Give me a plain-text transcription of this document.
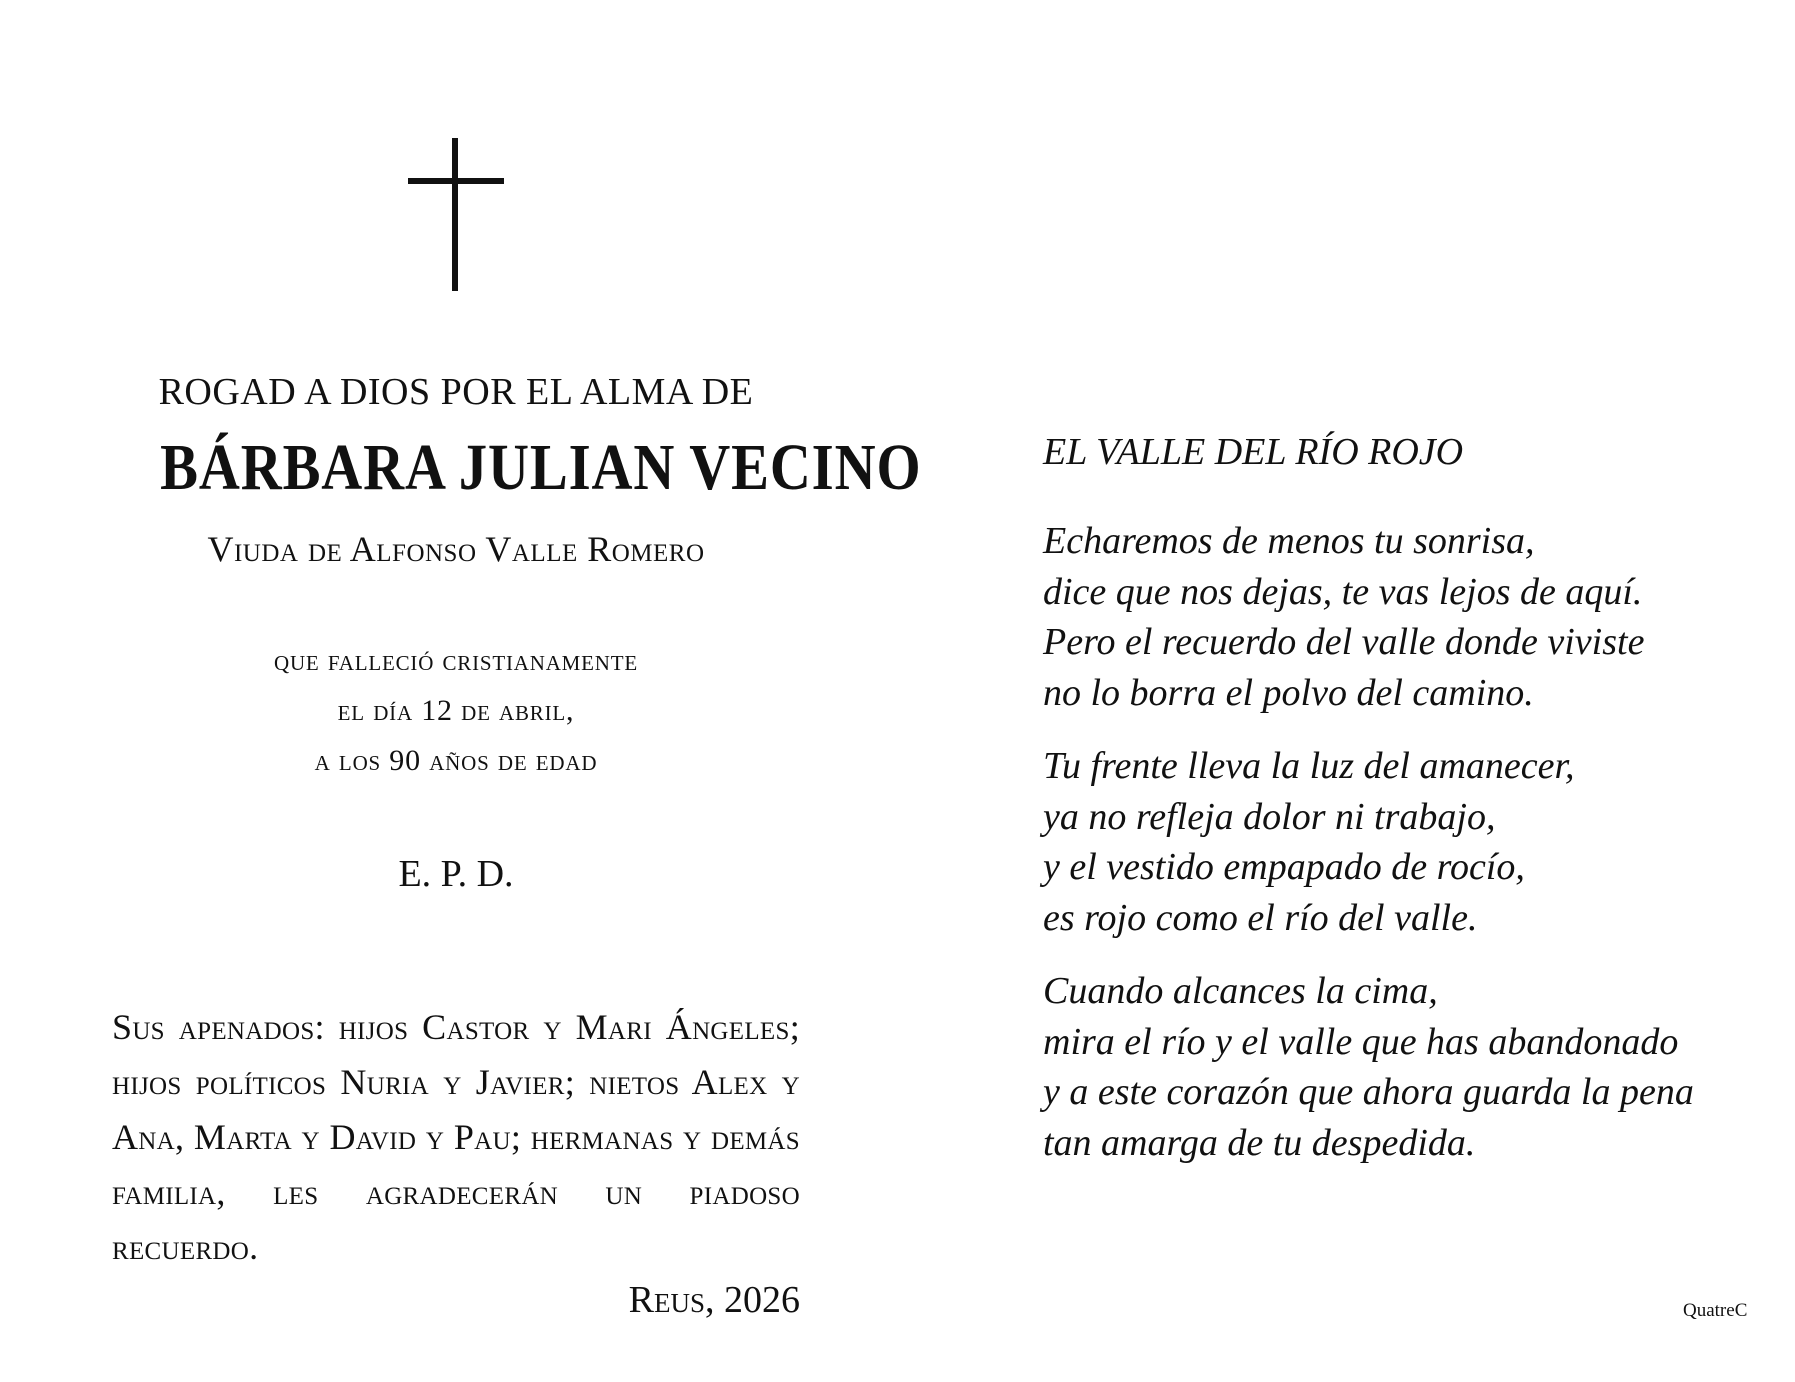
ROGAD A DIOS POR EL ALMA DE
BÁRBARA JULIAN VECINO
Viuda de Alfonso Valle Romero
que falleció cristianamente
el día 12 de abril,
a los 90 años de edad
E. P. D.
Sus apenados: hijos Castor y Mari Ángeles; hijos políticos Nuria y Javier; nietos Alex y Ana, Marta y David y Pau; hermanas y demás familia, les agradecerán un piadoso recuerdo.
Reus, 2026
EL VALLE DEL RÍO ROJO
Echaremos de menos tu sonrisa,
dice que nos dejas, te vas lejos de aquí.
Pero el recuerdo del valle donde viviste
no lo borra el polvo del camino.
Tu frente lleva la luz del amanecer,
ya no refleja dolor ni trabajo,
y el vestido empapado de rocío,
es rojo como el río del valle.
Cuando alcances la cima,
mira el río y el valle que has abandonado
y a este corazón que ahora guarda la pena
tan amarga de tu despedida.
QuatreC
